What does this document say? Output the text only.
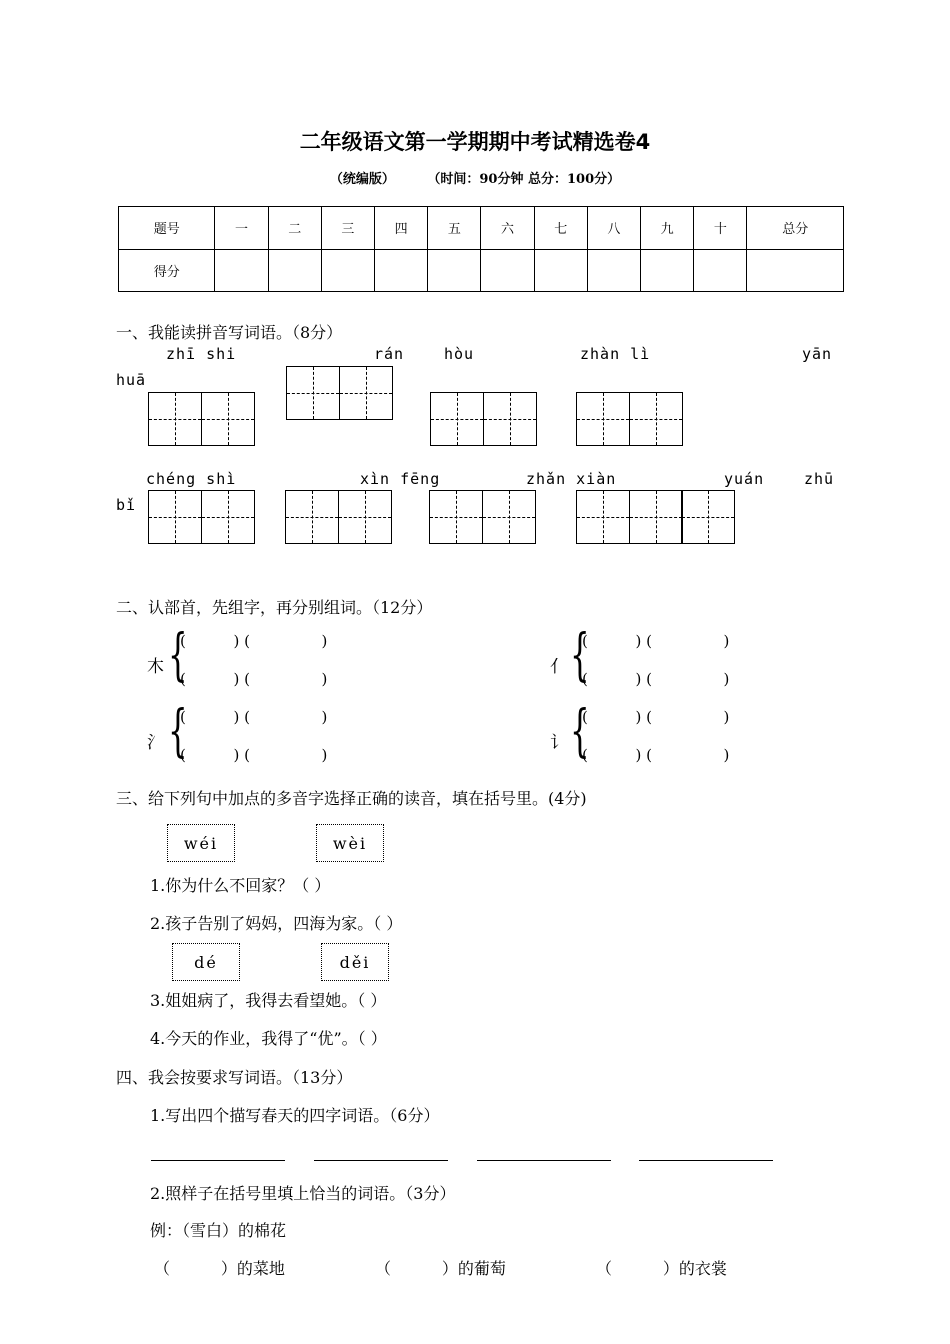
二年级语文第一学期期中考试精选卷4
（统编版）	（时间：90分钟 总分：100分）
题号	一	二	三	四	五	六	七	八	九	十	总分
得分											
一、我能读拼音写词语。（8分）
zhī shi	rán	hòu	zhàn lì	yān
huā
chéng shì	xìn fēng	zhǎn xiàn	yuán	zhū
bǐ
二、认部首，先组字，再分别组词。（12分）
木 {
(          ) (               )
(          ) (               )
亻 {
(          ) (               )
(          ) (               )
氵 {
(          ) (               )
(          ) (               )
讠 {
(          ) (               )
(          ) (               )
三、给下列句中加点的多音字选择正确的读音，填在括号里。(4分)
wéi	wèi
1.你为什么不回家？（ ）
2.孩子告别了妈妈，四海为家。（ ）
dé	děi
3.姐姐病了，我得去看望她。（ ）
4.今天的作业，我得了“优”。（ ）
四、我会按要求写词语。（13分）
1.写出四个描写春天的四字词语。（6分）
2.照样子在括号里填上恰当的词语。（3分）
例：（雪白）的棉花
（          ）的菜地	（          ）的葡萄	（          ）的衣裳
